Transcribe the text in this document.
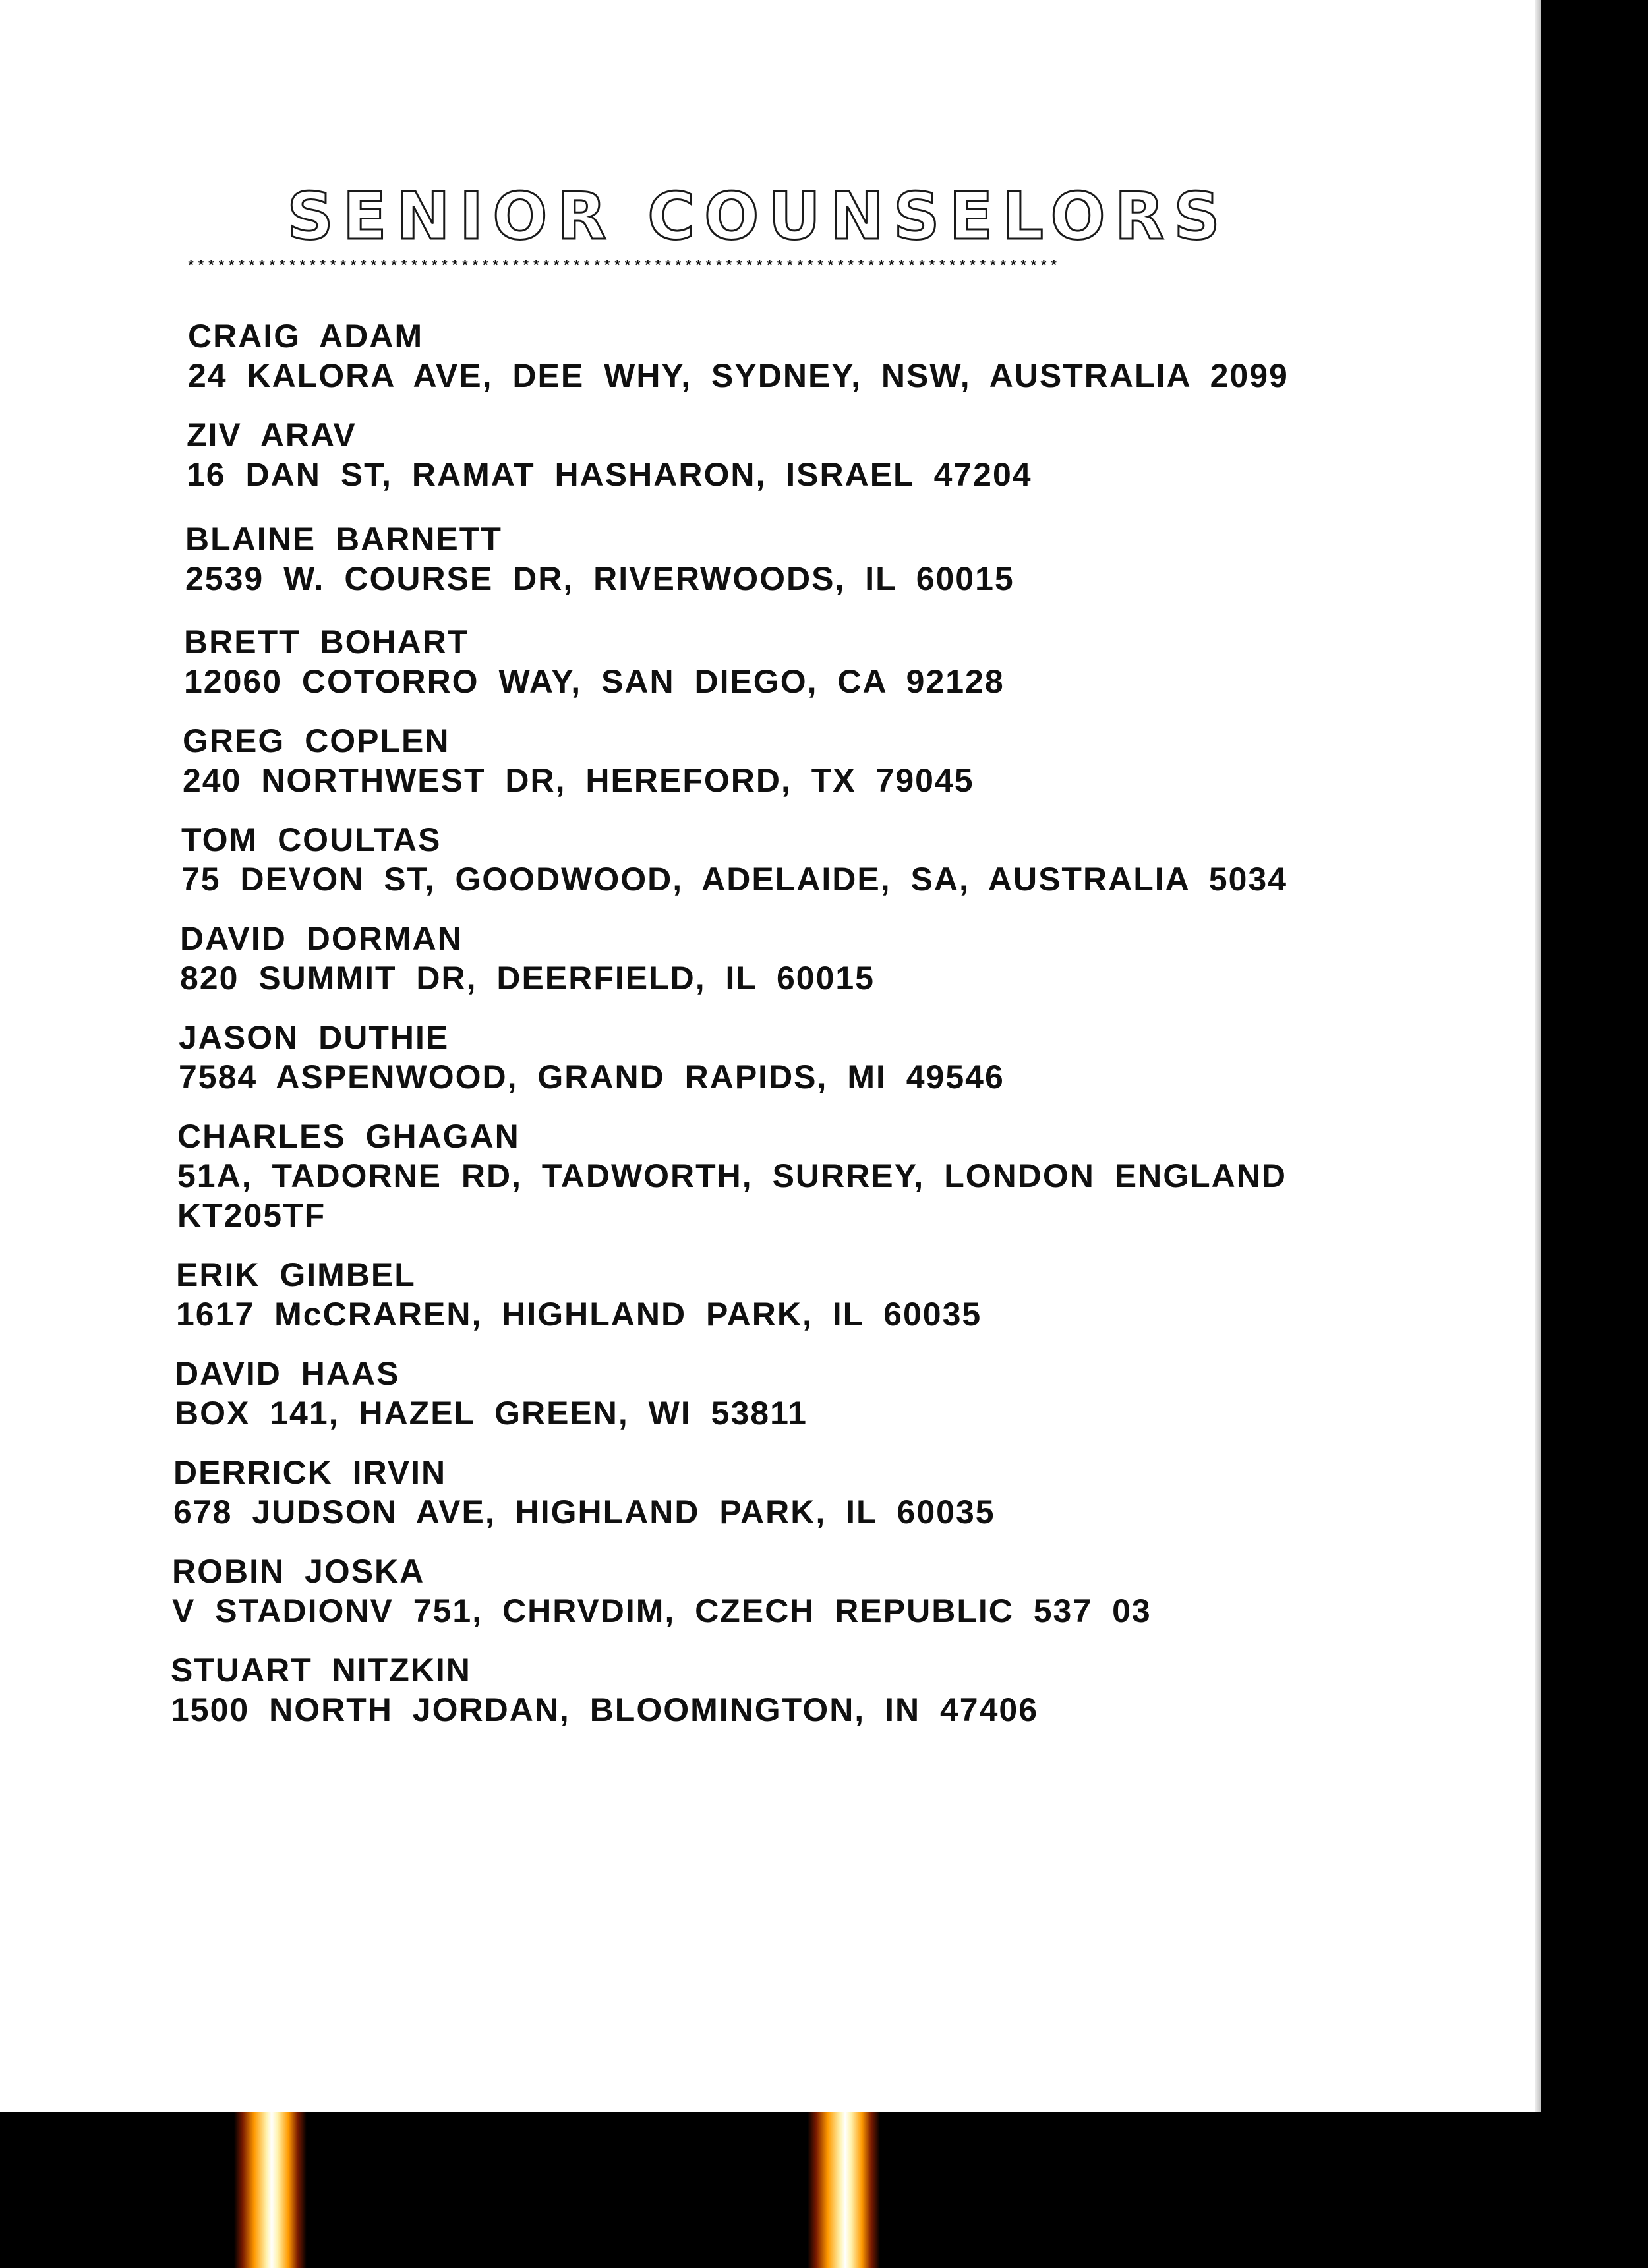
SENIOR COUNSELORS
**************************************************************************************
CRAIG ADAM
24 KALORA AVE, DEE WHY, SYDNEY, NSW, AUSTRALIA 2099
ZIV ARAV
16 DAN ST, RAMAT HASHARON, ISRAEL 47204
BLAINE BARNETT
2539 W. COURSE DR, RIVERWOODS, IL 60015
BRETT BOHART
12060 COTORRO WAY, SAN DIEGO, CA 92128
GREG COPLEN
240 NORTHWEST DR, HEREFORD, TX 79045
TOM COULTAS
75 DEVON ST, GOODWOOD, ADELAIDE, SA, AUSTRALIA 5034
DAVID DORMAN
820 SUMMIT DR, DEERFIELD, IL 60015
JASON DUTHIE
7584 ASPENWOOD, GRAND RAPIDS, MI 49546
CHARLES GHAGAN
51A, TADORNE RD, TADWORTH, SURREY, LONDON ENGLAND
KT205TF
ERIK GIMBEL
1617 McCRAREN, HIGHLAND PARK, IL 60035
DAVID HAAS
BOX 141, HAZEL GREEN, WI 53811
DERRICK IRVIN
678 JUDSON AVE, HIGHLAND PARK, IL 60035
ROBIN JOSKA
V STADIONV 751, CHRVDIM, CZECH REPUBLIC 537 03
STUART NITZKIN
1500 NORTH JORDAN, BLOOMINGTON, IN 47406
